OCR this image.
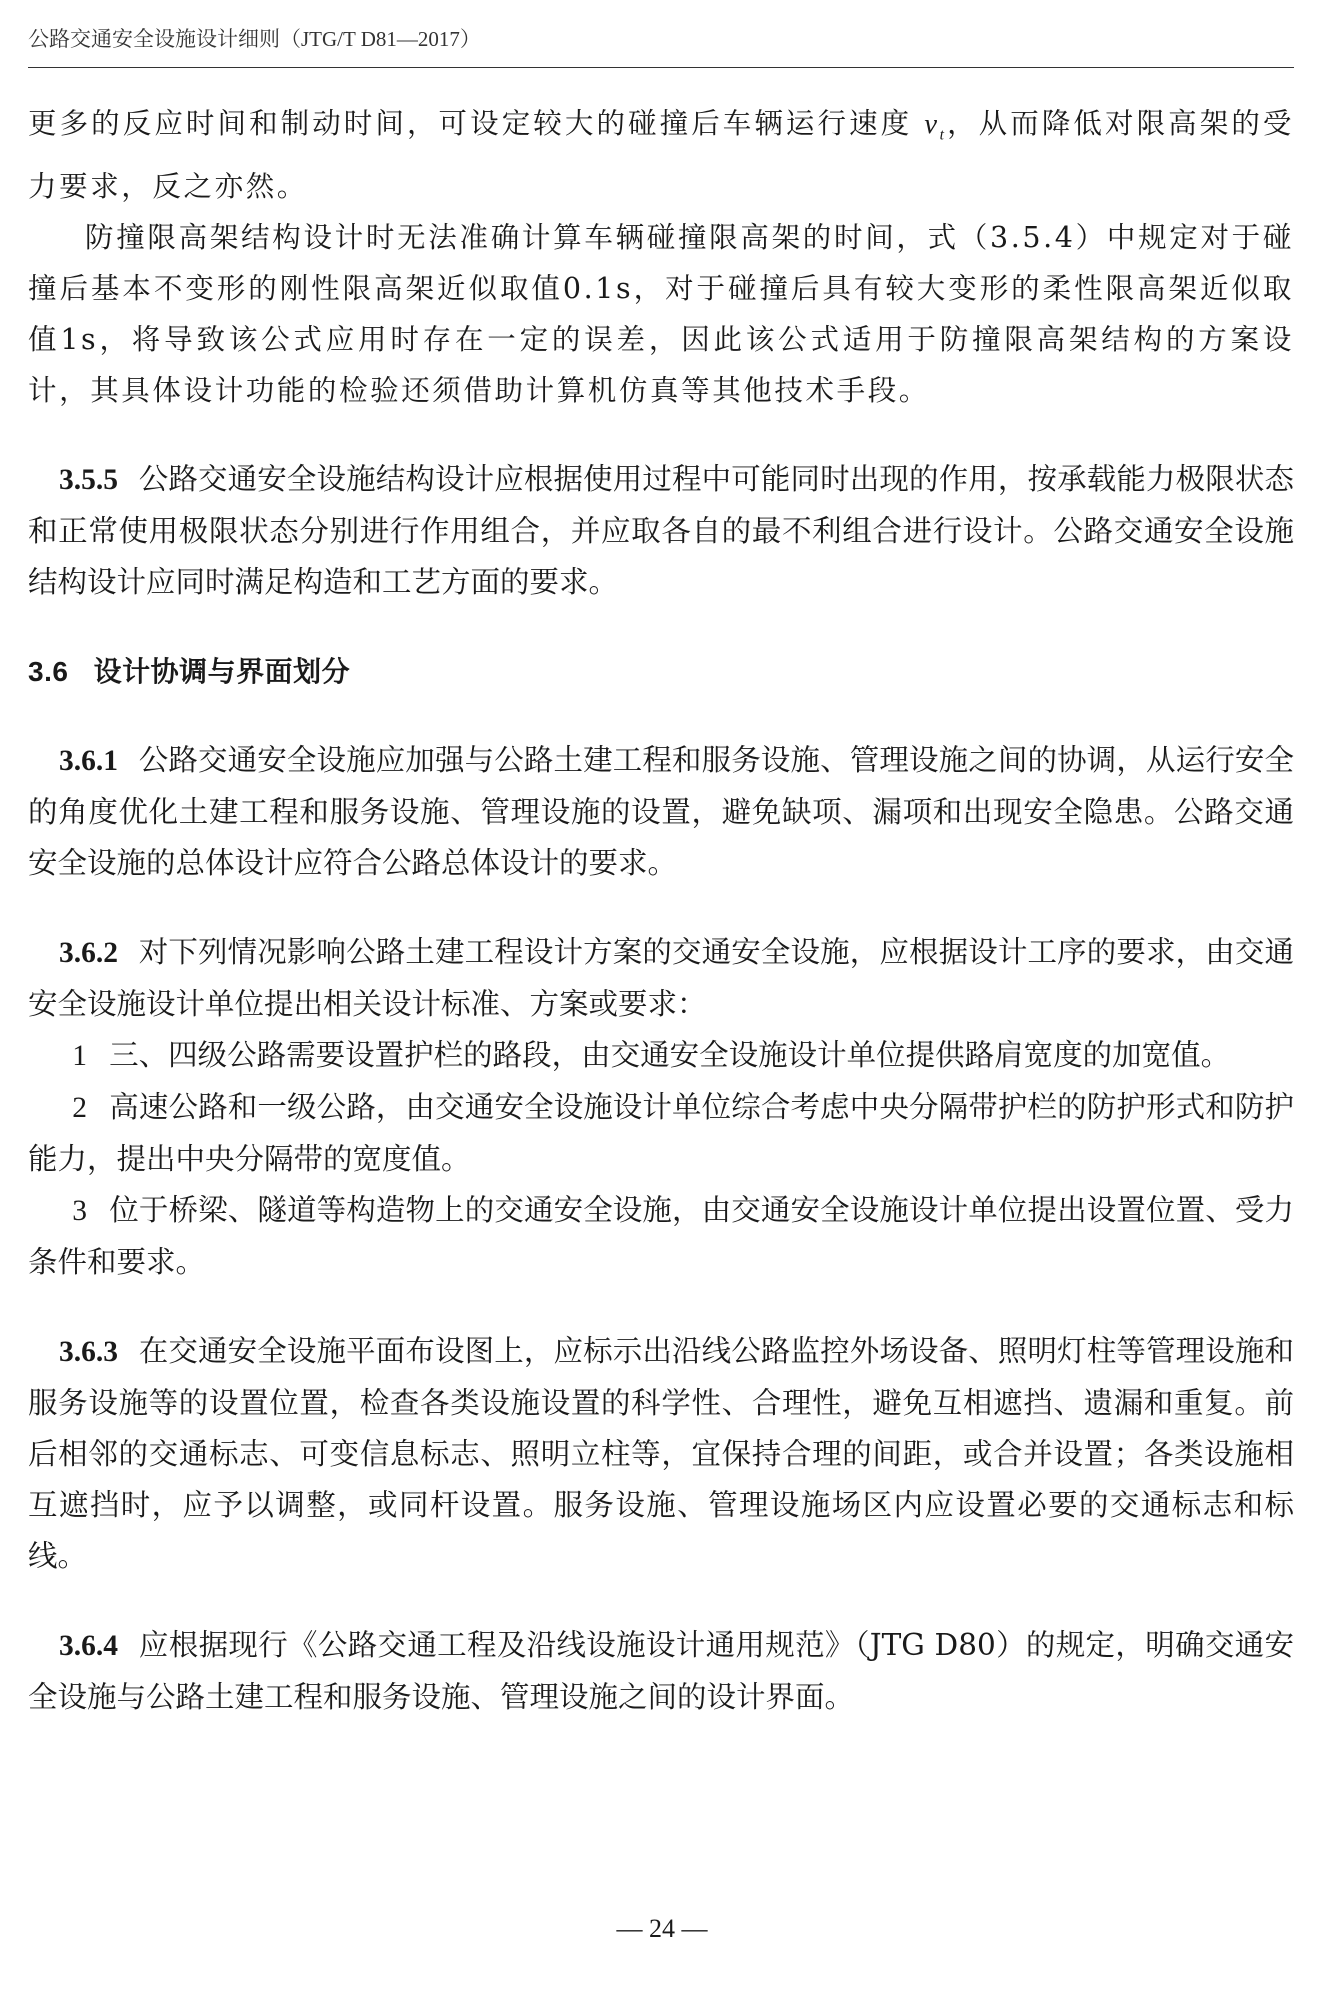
公路交通安全设施设计细则（JTG/T D81—2017）

更多的反应时间和制动时间，可设定较大的碰撞后车辆运行速度 $v_t$，从而降低对限高架的受力要求，反之亦然。

防撞限高架结构设计时无法准确计算车辆碰撞限高架的时间，式（3.5.4）中规定对于碰撞后基本不变形的刚性限高架近似取值0.1s，对于碰撞后具有较大变形的柔性限高架近似取值1s，将导致该公式应用时存在一定的误差，因此该公式适用于防撞限高架结构的方案设计，其具体设计功能的检验还须借助计算机仿真等其他技术手段。

3.5.5 公路交通安全设施结构设计应根据使用过程中可能同时出现的作用，按承载能力极限状态和正常使用极限状态分别进行作用组合，并应取各自的最不利组合进行设计。公路交通安全设施结构设计应同时满足构造和工艺方面的要求。

3.6 设计协调与界面划分

3.6.1 公路交通安全设施应加强与公路土建工程和服务设施、管理设施之间的协调，从运行安全的角度优化土建工程和服务设施、管理设施的设置，避免缺项、漏项和出现安全隐患。公路交通安全设施的总体设计应符合公路总体设计的要求。

3.6.2 对下列情况影响公路土建工程设计方案的交通安全设施，应根据设计工序的要求，由交通安全设施设计单位提出相关设计标准、方案或要求：

1 三、四级公路需要设置护栏的路段，由交通安全设施设计单位提供路肩宽度的加宽值。

2 高速公路和一级公路，由交通安全设施设计单位综合考虑中央分隔带护栏的防护形式和防护能力，提出中央分隔带的宽度值。

3 位于桥梁、隧道等构造物上的交通安全设施，由交通安全设施设计单位提出设置位置、受力条件和要求。

3.6.3 在交通安全设施平面布设图上，应标示出沿线公路监控外场设备、照明灯柱等管理设施和服务设施等的设置位置，检查各类设施设置的科学性、合理性，避免互相遮挡、遗漏和重复。前后相邻的交通标志、可变信息标志、照明立柱等，宜保持合理的间距，或合并设置；各类设施相互遮挡时，应予以调整，或同杆设置。服务设施、管理设施场区内应设置必要的交通标志和标线。

3.6.4 应根据现行《公路交通工程及沿线设施设计通用规范》（JTG D80）的规定，明确交通安全设施与公路土建工程和服务设施、管理设施之间的设计界面。

— 24 —
